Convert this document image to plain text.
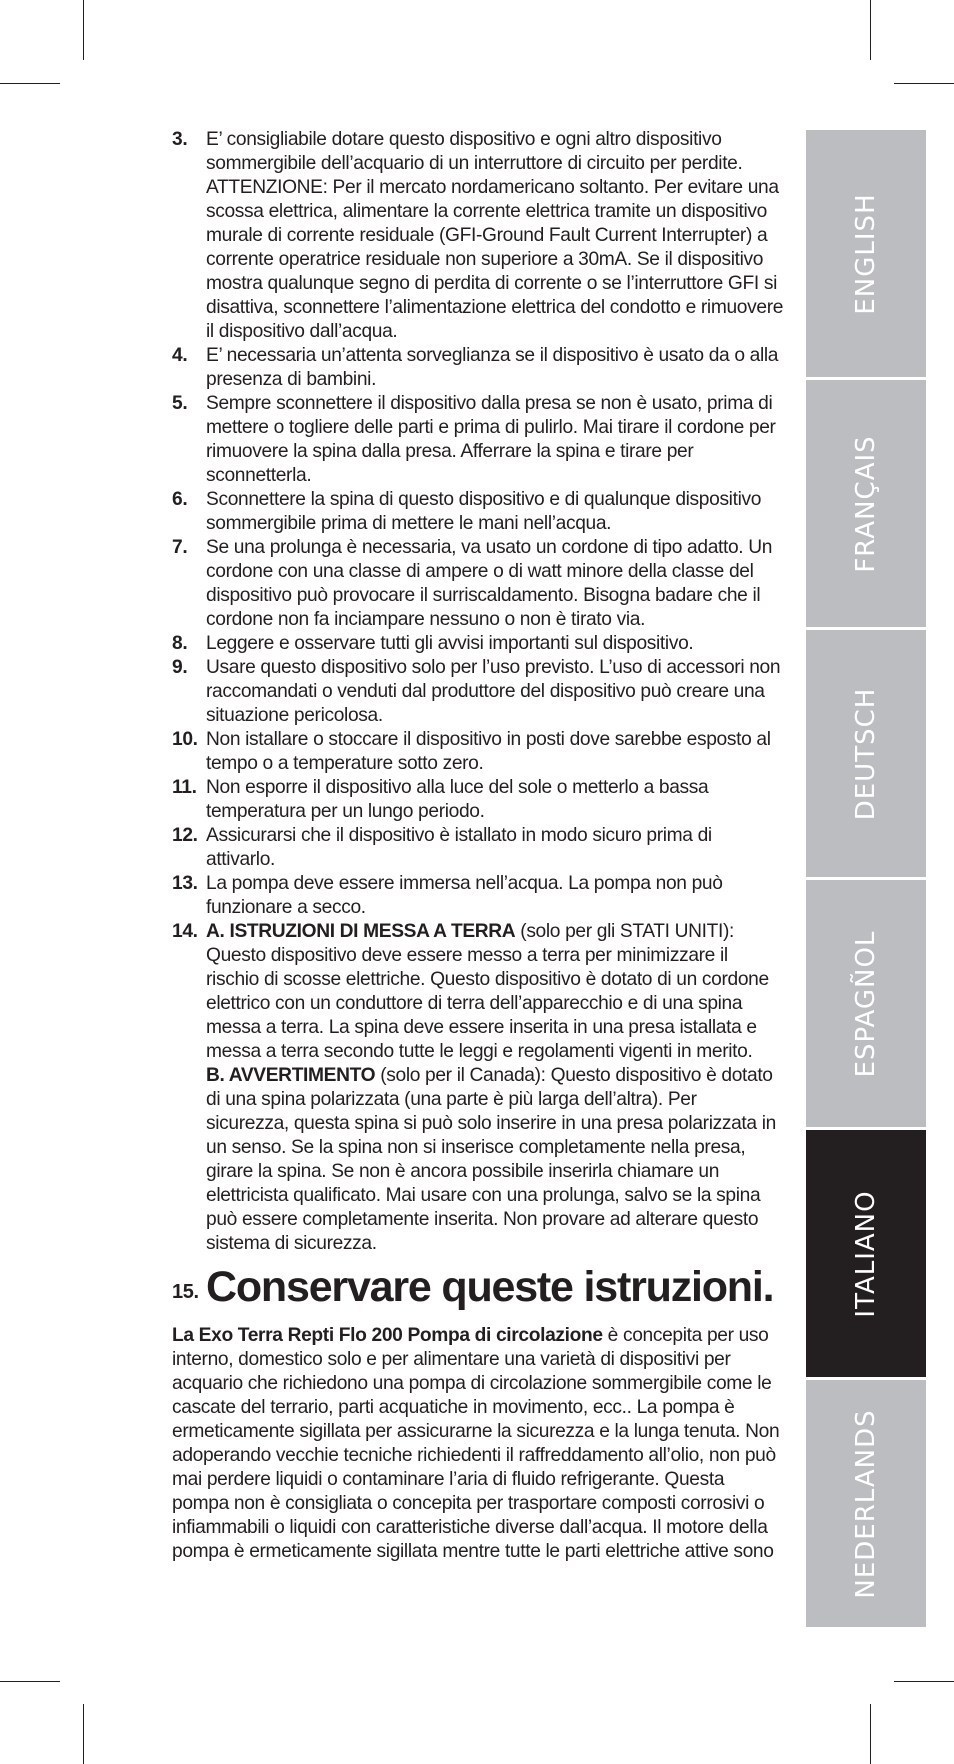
3. E’ consigliabile dotare questo dispositivo e ogni altro dispositivo sommergibile dell’acquario di un interruttore di circuito per perdite. ATTENZIONE: Per il mercato nordamericano soltanto. Per evitare una scossa elettrica, alimentare la corrente elettrica tramite un dispositivo murale di corrente residuale (GFI-Ground Fault Current Interrupter) a corrente operatrice residuale non superiore a 30mA. Se il dispositivo mostra qualunque segno di perdita di corrente o se l’interruttore GFI si disattiva, sconnettere l’alimentazione elettrica del condotto e rimuovere il dispositivo dall’acqua.
4. E’ necessaria un’attenta sorveglianza se il dispositivo è usato da o alla presenza di bambini.
5. Sempre sconnettere il dispositivo dalla presa se non è usato, prima di mettere o togliere delle parti e prima di pulirlo. Mai tirare il cordone per rimuovere la spina dalla presa. Afferrare la spina e tirare per sconnetterla.
6. Sconnettere la spina di questo dispositivo e di qualunque dispositivo sommergibile prima di mettere le mani nell’acqua.
7. Se una prolunga è necessaria, va usato un cordone di tipo adatto. Un cordone con una classe di ampere o di watt minore della classe del dispositivo può provocare il surriscaldamento. Bisogna badare che il cordone non fa inciampare nessuno o non è tirato via.
8. Leggere e osservare tutti gli avvisi importanti sul dispositivo.
9. Usare questo dispositivo solo per l’uso previsto. L’uso di accessori non raccomandati o venduti dal produttore del dispositivo può creare una situazione pericolosa.
10. Non istallare o stoccare il dispositivo in posti dove sarebbe esposto al tempo o a temperature sotto zero.
11. Non esporre il dispositivo alla luce del sole o metterlo a bassa temperatura per un lungo periodo.
12. Assicurarsi che il dispositivo è istallato in modo sicuro prima di attivarlo.
13. La pompa deve essere immersa nell’acqua. La pompa non può funzionare a secco.
14. A. ISTRUZIONI DI MESSA A TERRA (solo per gli STATI UNITI): Questo dispositivo deve essere messo a terra per minimizzare il rischio di scosse elettriche. Questo dispositivo è dotato di un cordone elettrico con un conduttore di terra dell’apparecchio e di una spina messa a terra. La spina deve essere inserita in una presa istallata e messa a terra secondo tutte le leggi e regolamenti vigenti in merito.
B. AVVERTIMENTO (solo per il Canada): Questo dispositivo è dotato di una spina polarizzata (una parte è più larga dell’altra). Per sicurezza, questa spina si può solo inserire in una presa polarizzata in un senso. Se la spina non si inserisce completamente nella presa, girare la spina. Se non è ancora possibile inserirla chiamare un elettricista qualificato. Mai usare con una prolunga, salvo se la spina può essere completamente inserita. Non provare ad alterare questo sistema di sicurezza.
15. Conservare queste istruzioni.
La Exo Terra Repti Flo 200 Pompa di circolazione è concepita per uso interno, domestico solo e per alimentare una varietà di dispositivi per acquario che richiedono una pompa di circolazione sommergibile come le cascate del terrario, parti acquatiche in movimento, ecc.. La pompa è ermeticamente sigillata per assicurarne la sicurezza e la lunga tenuta. Non adoperando vecchie tecniche richiedenti il raffreddamento all’olio, non può mai perdere liquidi o contaminare l’aria di fluido refrigerante. Questa pompa non è consigliata o concepita per trasportare composti corrosivi o infiammabili o liquidi con caratteristiche diverse dall’acqua. Il motore della pompa è ermeticamente sigillata mentre tutte le parti elettriche attive sono
ENGLISH
FRANÇAIS
DEUTSCH
ESPAGÑOL
ITALIANO
NEDERLANDS
